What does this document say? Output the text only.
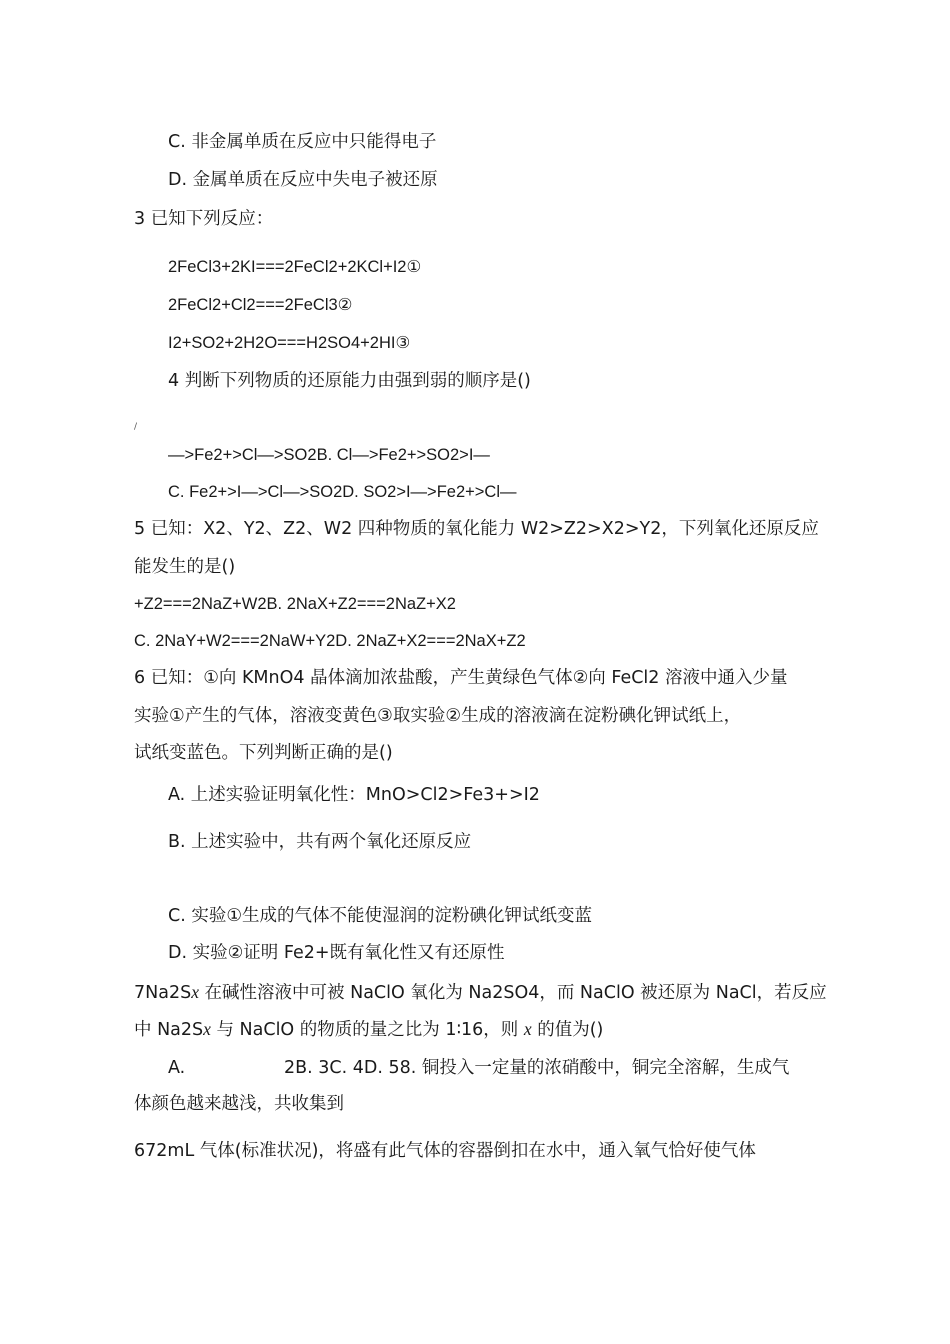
C. 非金属单质在反应中只能得电子
D. 金属单质在反应中失电子被还原
3 已知下列反应：
2FeCl3+2KI===2FeCl2+2KCl+I2①
2FeCl2+Cl2===2FeCl3②
I2+SO2+2H2O===H2SO4+2HI③
4 判断下列物质的还原能力由强到弱的顺序是()
/
—>Fe2+>Cl—>SO2B. Cl—>Fe2+>SO2>I—
C. Fe2+>I—>Cl—>SO2D. SO2>I—>Fe2+>Cl—
5 已知：X2、Y2、Z2、W2 四种物质的氧化能力 W2>Z2>X2>Y2，下列氧化还原反应
能发生的是()
+Z2===2NaZ+W2B. 2NaX+Z2===2NaZ+X2
C. 2NaY+W2===2NaW+Y2D. 2NaZ+X2===2NaX+Z2
6 已知：①向 KMnO4 晶体滴加浓盐酸，产生黄绿色气体②向 FeCl2 溶液中通入少量
实验①产生的气体，溶液变黄色③取实验②生成的溶液滴在淀粉碘化钾试纸上，
试纸变蓝色。下列判断正确的是()
A. 上述实验证明氧化性：MnO>Cl2>Fe3+>I2
B. 上述实验中，共有两个氧化还原反应
C. 实验①生成的气体不能使湿润的淀粉碘化钾试纸变蓝
D. 实验②证明 Fe2+既有氧化性又有还原性
7Na2Sx 在碱性溶液中可被 NaClO 氧化为 Na2SO4，而 NaClO 被还原为 NaCl，若反应
中 Na2Sx 与 NaClO 的物质的量之比为 1∶16，则 x 的值为()
A.	2B. 3C. 4D. 58. 铜投入一定量的浓硝酸中，铜完全溶解，生成气
体颜色越来越浅，共收集到
672mL 气体(标准状况)，将盛有此气体的容器倒扣在水中，通入氧气恰好使气体
